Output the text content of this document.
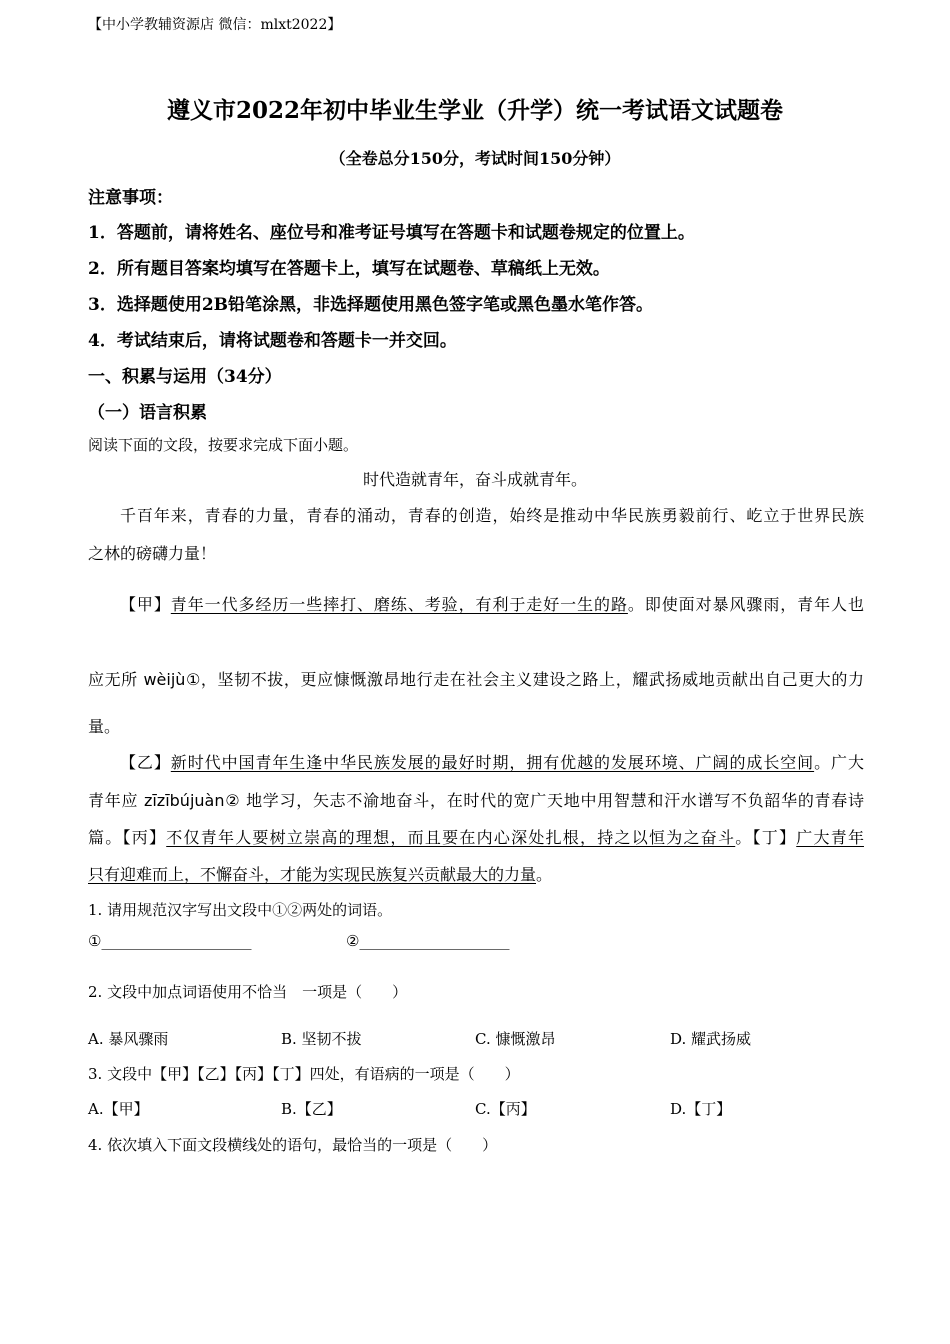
【中小学教辅资源店 微信：mlxt2022】
遵义市2022年初中毕业生学业（升学）统一考试语文试题卷
（全卷总分150分，考试时间150分钟）
注意事项：
1．答题前，请将姓名、座位号和准考证号填写在答题卡和试题卷规定的位置上。
2．所有题目答案均填写在答题卡上，填写在试题卷、草稿纸上无效。
3．选择题使用2B铅笔涂黑，非选择题使用黑色签字笔或黑色墨水笔作答。
4．考试结束后，请将试题卷和答题卡一并交回。
一、积累与运用（34分）
（一）语言积累
阅读下面的文段，按要求完成下面小题。
时代造就青年，奋斗成就青年。
千百年来，青春的力量，青春的涌动，青春的创造，始终是推动中华民族勇毅前行、屹立于世界民族
之林的磅礴力量！
【甲】青年一代多经历一些摔打、磨练、考验，有利于走好一生的路。即使面对暴风骤雨，青年人也
应无所 wèijù①，坚韧不拔，更应慷慨激昂地行走在社会主义建设之路上，耀武扬威地贡献出自己更大的力
量。
【乙】新时代中国青年生逢中华民族发展的最好时期，拥有优越的发展环境、广阔的成长空间。广大
青年应 zīzībújuàn② 地学习，矢志不渝地奋斗，在时代的宽广天地中用智慧和汗水谱写不负韶华的青春诗
篇。【丙】不仅青年人要树立崇高的理想，而且要在内心深处扎根，持之以恒为之奋斗。【丁】广大青年
只有迎难而上，不懈奋斗，才能为实现民族复兴贡献最大的力量。
1. 请用规范汉字写出文段中①②两处的词语。
①____________________	②____________________
2. 文段中加点词语使用不恰当　一项是（　　）
A. 暴风骤雨	B. 坚韧不拔	C. 慷慨激昂	D. 耀武扬威
3. 文段中【甲】【乙】【丙】【丁】四处，有语病的一项是（　　）
A.【甲】	B.【乙】	C.【丙】	D.【丁】
4. 依次填入下面文段横线处的语句，最恰当的一项是（　　）
